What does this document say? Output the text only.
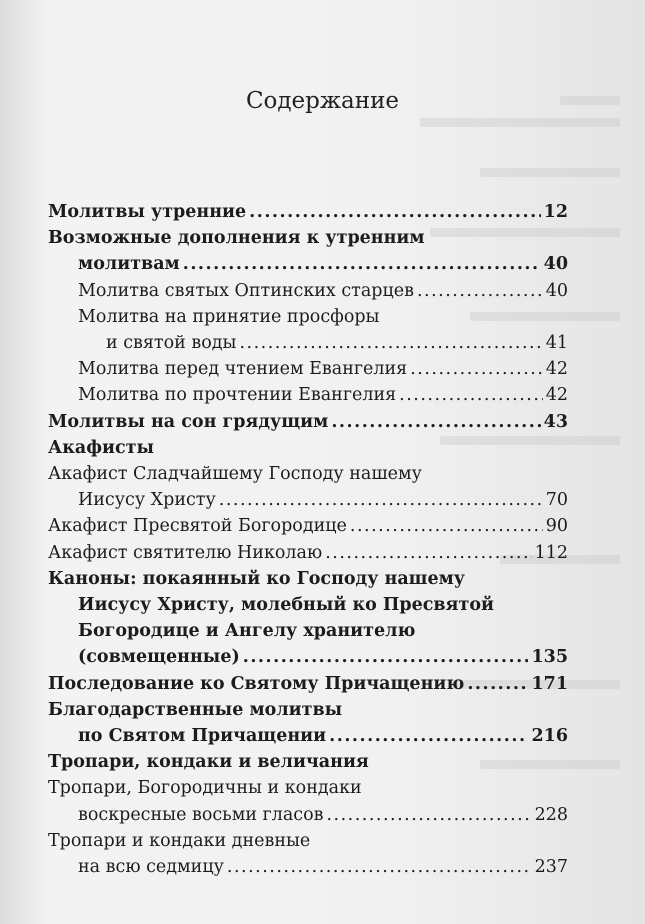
Содержание
Молитвы утренние .....	12
Возможные дополнения к утренним
молитвам .....	40
Молитва святых Оптинских старцев .....	40
Молитва на принятие просфоры
и святой воды .....	41
Молитва перед чтением Евангелия .....	42
Молитва по прочтении Евангелия .....	42
Молитвы на сон грядущим .....	43
Акафисты
Акафист Сладчайшему Господу нашему
Иисусу Христу .....	70
Акафист Пресвятой Богородице .....	90
Акафист святителю Николаю .....	112
Каноны: покаянный ко Господу нашему
Иисусу Христу, молебный ко Пресвятой
Богородице и Ангелу хранителю
(совмещенные) .....	135
Последование ко Святому Причащению .....	171
Благодарственные молитвы
по Святом Причащении .....	216
Тропари, кондаки и величания
Тропари, Богородичны и кондаки
воскресные восьми гласов .....	228
Тропари и кондаки дневные
на всю седмицу .....	237
